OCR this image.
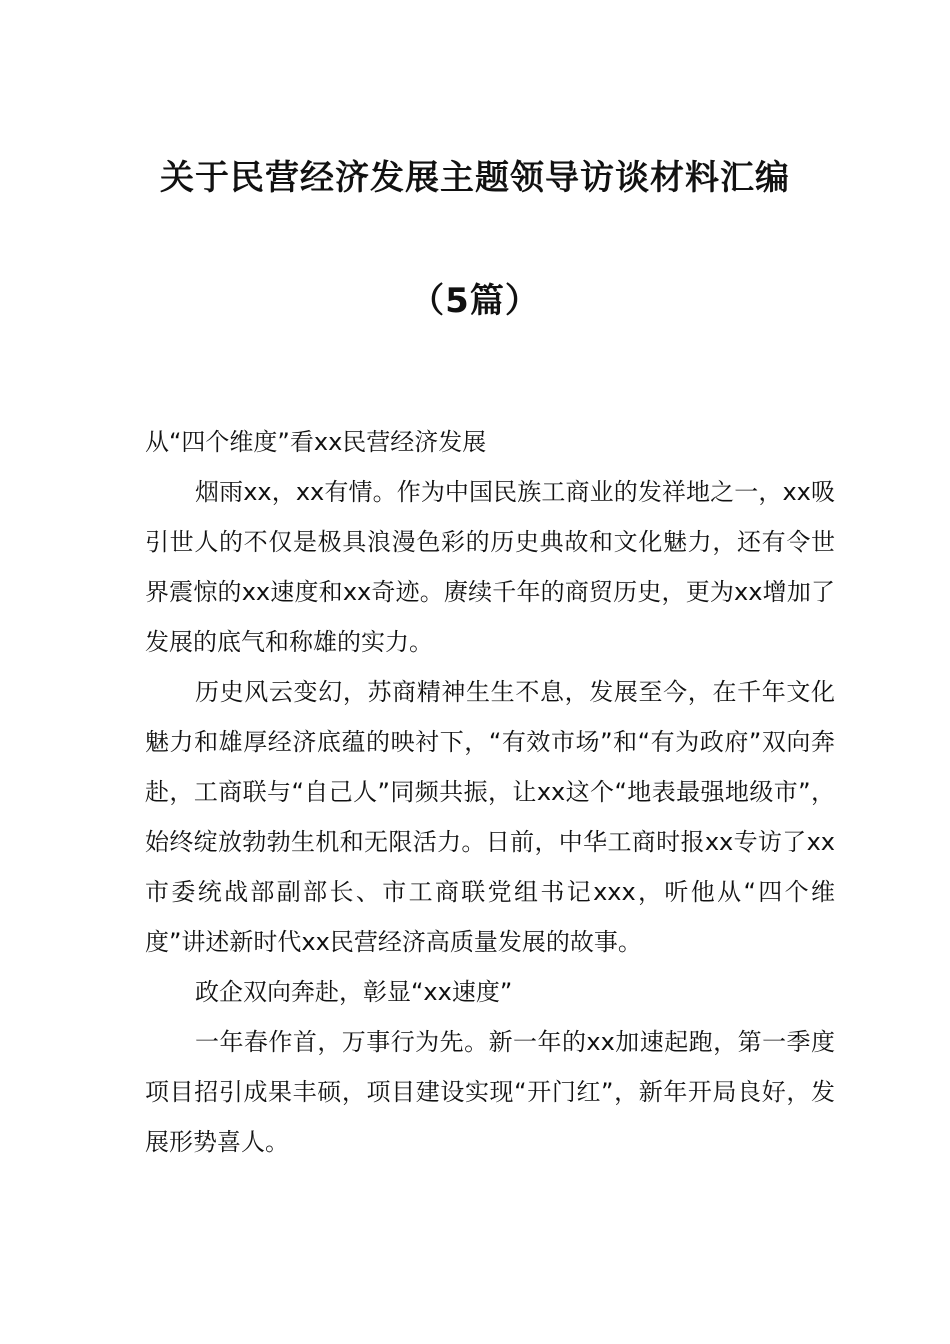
关于民营经济发展主题领导访谈材料汇编
（5篇）

从“四个维度”看xx民营经济发展

烟雨xx，xx有情。作为中国民族工商业的发祥地之一，xx吸引世人的不仅是极具浪漫色彩的历史典故和文化魅力，还有令世界震惊的xx速度和xx奇迹。赓续千年的商贸历史，更为xx增加了发展的底气和称雄的实力。

历史风云变幻，苏商精神生生不息，发展至今，在千年文化魅力和雄厚经济底蕴的映衬下，“有效市场”和“有为政府”双向奔赴，工商联与“自己人”同频共振，让xx这个“地表最强地级市”，始终绽放勃勃生机和无限活力。日前，中华工商时报xx专访了xx市委统战部副部长、市工商联党组书记xxx，听他从“四个维度”讲述新时代xx民营经济高质量发展的故事。

政企双向奔赴，彰显“xx速度”

一年春作首，万事行为先。新一年的xx加速起跑，第一季度项目招引成果丰硕，项目建设实现“开门红”，新年开局良好，发展形势喜人。
